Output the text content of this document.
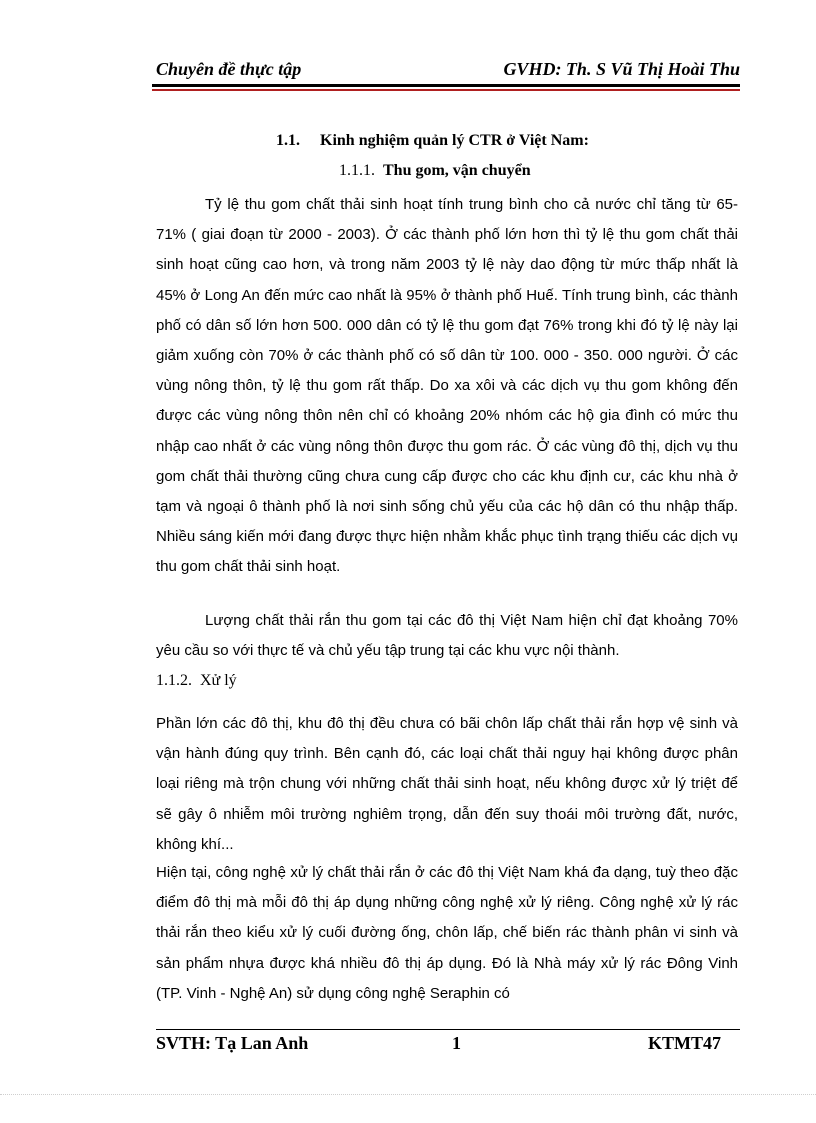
Chuyên đề thực tập	GVHD: Th. S Vũ Thị Hoài Thu
1.1. Kinh nghiệm quản lý CTR ở Việt Nam:
1.1.1. Thu gom, vận chuyển
Tỷ lệ thu gom chất thải sinh hoạt tính trung bình cho cả nước chỉ tăng từ 65-71% ( giai đoạn từ 2000 - 2003). Ở các thành phố lớn hơn thì tỷ lệ thu gom chất thải sinh hoạt cũng cao hơn, và trong năm 2003 tỷ lệ này dao động từ mức thấp nhất là 45% ở Long An đến mức cao nhất là 95% ở thành phố Huế. Tính trung bình, các thành phố có dân số lớn hơn 500. 000 dân có tỷ lệ thu gom đạt 76% trong khi đó tỷ lệ này lại giảm xuống còn 70% ở các thành phố có số dân từ 100. 000 - 350. 000 người. Ở các vùng nông thôn, tỷ lệ thu gom rất thấp. Do xa xôi và các dịch vụ thu gom không đến được các vùng nông thôn nên chỉ có khoảng 20% nhóm các hộ gia đình có mức thu nhập cao nhất ở các vùng nông thôn được thu gom rác. Ở các vùng đô thị, dịch vụ thu gom chất thải thường cũng chưa cung cấp được cho các khu định cư, các khu nhà ở tạm và ngoại ô thành phố là nơi sinh sống chủ yếu của các hộ dân có thu nhập thấp. Nhiều sáng kiến mới đang được thực hiện nhằm khắc phục tình trạng thiếu các dịch vụ thu gom chất thải sinh hoạt.
Lượng chất thải rắn thu gom tại các đô thị Việt Nam hiện chỉ đạt khoảng 70% yêu cầu so với thực tế và chủ yếu tập trung tại các khu vực nội thành.
1.1.2. Xử lý
Phần lớn các đô thị, khu đô thị đều chưa có bãi chôn lấp chất thải rắn hợp vệ sinh và vận hành đúng quy trình. Bên cạnh đó, các loại chất thải nguy hại không được phân loại riêng mà trộn chung với những chất thải sinh hoạt, nếu không được xử lý triệt để sẽ gây ô nhiễm môi trường nghiêm trọng, dẫn đến suy thoái môi trường đất, nước, không khí...
Hiện tại, công nghệ xử lý chất thải rắn ở các đô thị Việt Nam khá đa dạng, tuỳ theo đặc điểm đô thị mà mỗi đô thị áp dụng những công nghệ xử lý riêng. Công nghệ xử lý rác thải rắn theo kiểu xử lý cuối đường ống, chôn lấp, chế biến rác thành phân vi sinh và sản phẩm nhựa được khá nhiều đô thị áp dụng. Đó là Nhà máy xử lý rác Đông Vinh (TP. Vinh - Nghệ An) sử dụng công nghệ Seraphin có
SVTH: Tạ Lan Anh	1	KTMT47
